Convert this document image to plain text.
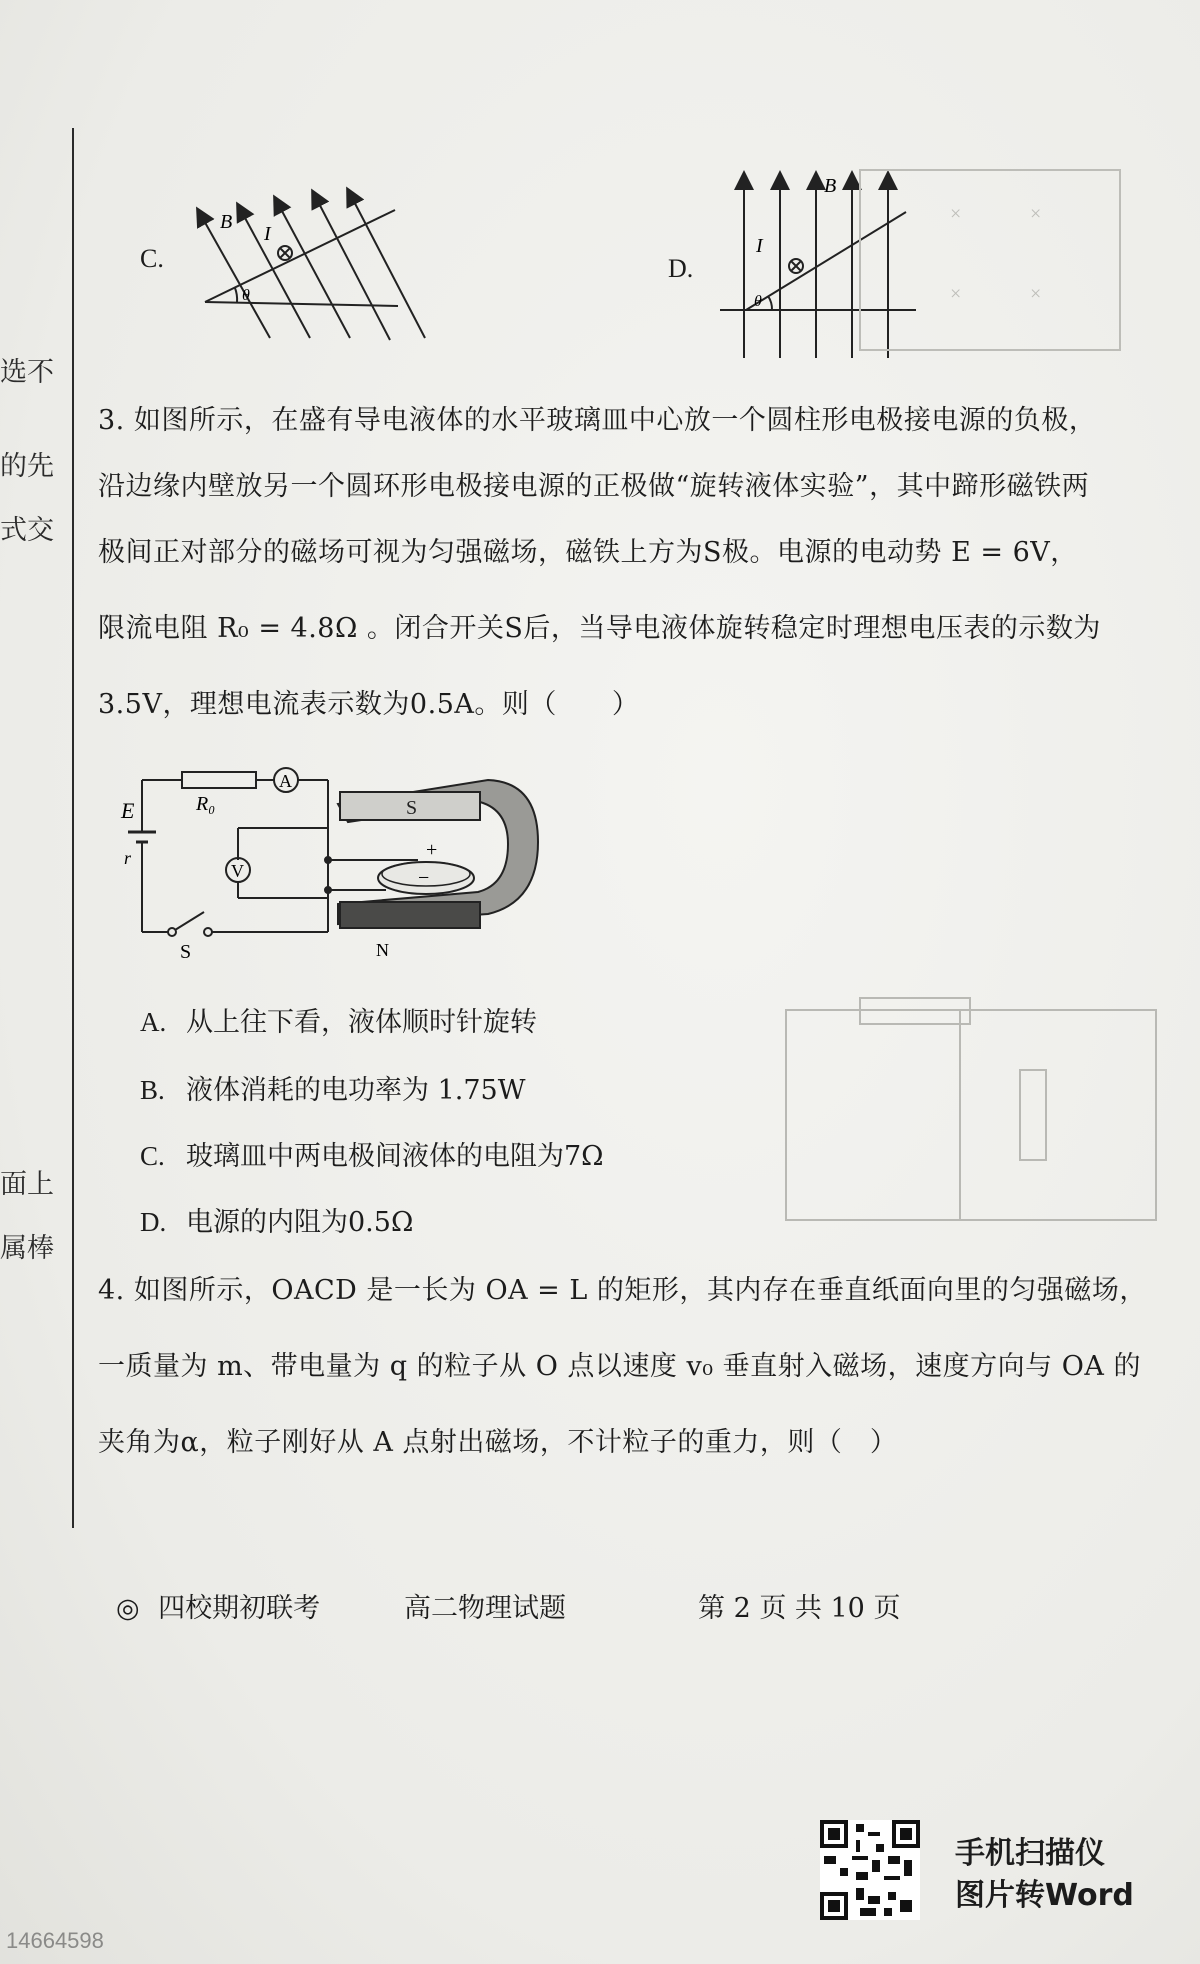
选不
的先
式交
面上
属棒
C.
B
I
θ
D.
I
B
θ
×	×
×	×
3. 如图所示，在盛有导电液体的水平玻璃皿中心放一个圆柱形电极接电源的负极，
沿边缘内壁放另一个圆环形电极接电源的正极做“旋转液体实验”，其中蹄形磁铁两
极间正对部分的磁场可视为匀强磁场，磁铁上方为S极。电源的电动势 E = 6V，
限流电阻 R₀ = 4.8Ω 。闭合开关S后，当导电液体旋转稳定时理想电压表的示数为
3.5V，理想电流表示数为0.5A。则（　　）
R₀
A
E
r
V
S
S
N
+
−
A. 从上往下看，液体顺时针旋转
B. 液体消耗的电功率为 1.75W
C. 玻璃皿中两电极间液体的电阻为7Ω
D. 电源的内阻为0.5Ω
4. 如图所示，OACD 是一长为 OA = L 的矩形，其内存在垂直纸面向里的匀强磁场，
一质量为 m、带电量为 q 的粒子从 O 点以速度 v₀ 垂直射入磁场，速度方向与 OA 的
夹角为α，粒子刚好从 A 点射出磁场，不计粒子的重力，则（　）
◎ 四校期初联考	高二物理试题	第 2 页 共 10 页
手机扫描仪
图片转Word
14664598
